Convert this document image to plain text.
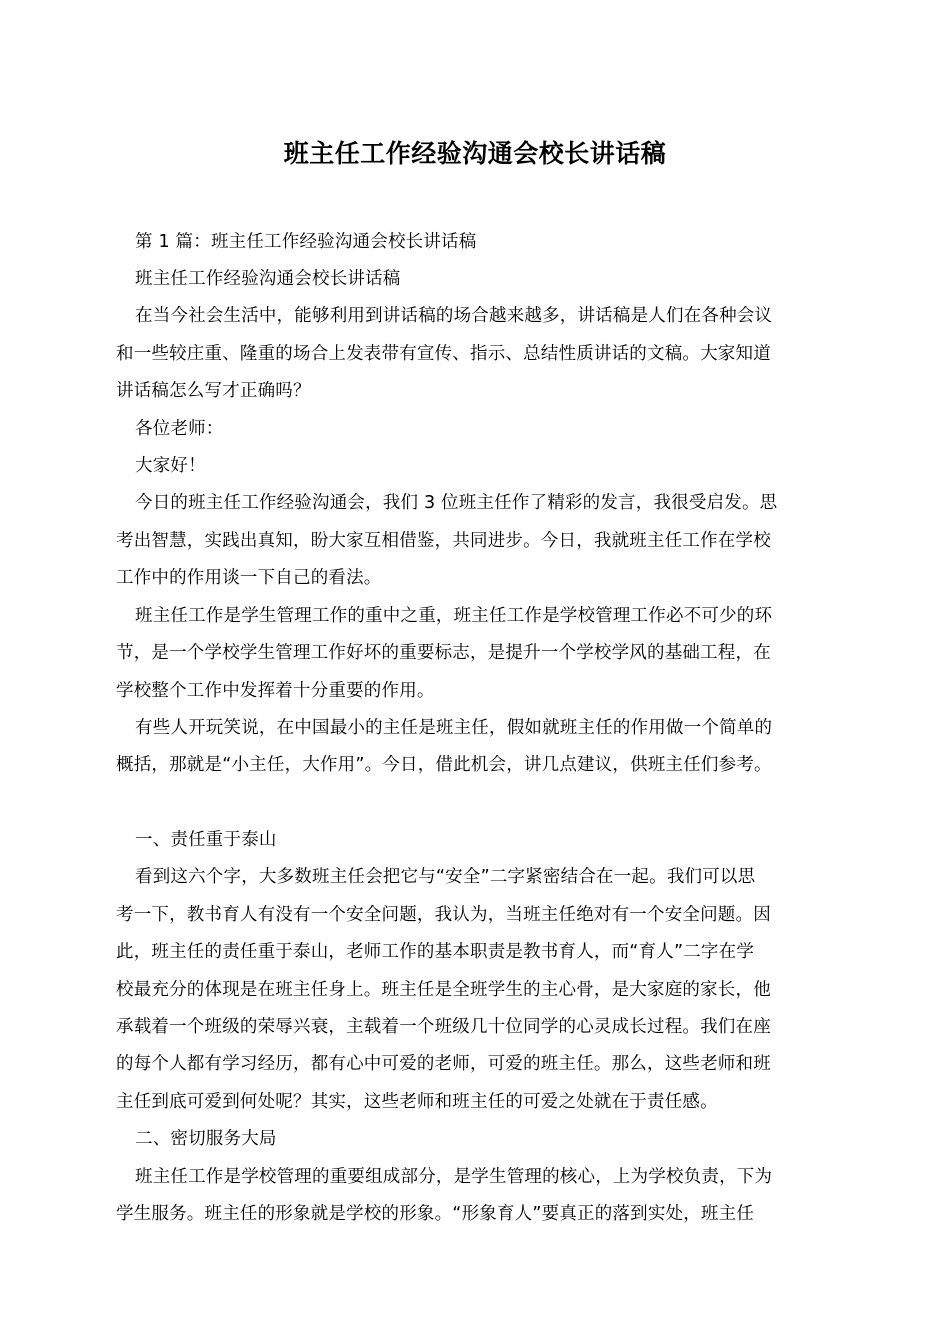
班主任工作经验沟通会校长讲话稿
第 1 篇：班主任工作经验沟通会校长讲话稿
班主任工作经验沟通会校长讲话稿
在当今社会生活中，能够利用到讲话稿的场合越来越多，讲话稿是人们在各种会议
和一些较庄重、隆重的场合上发表带有宣传、指示、总结性质讲话的文稿。大家知道
讲话稿怎么写才正确吗？
各位老师：
大家好！
今日的班主任工作经验沟通会，我们 3 位班主任作了精彩的发言，我很受启发。思
考出智慧，实践出真知，盼大家互相借鉴，共同进步。今日，我就班主任工作在学校
工作中的作用谈一下自己的看法。
班主任工作是学生管理工作的重中之重，班主任工作是学校管理工作必不可少的环
节，是一个学校学生管理工作好坏的重要标志，是提升一个学校学风的基础工程，在
学校整个工作中发挥着十分重要的作用。
有些人开玩笑说，在中国最小的主任是班主任，假如就班主任的作用做一个简单的
概括，那就是“小主任，大作用”。今日，借此机会，讲几点建议，供班主任们参考。
一、责任重于泰山
看到这六个字，大多数班主任会把它与“安全”二字紧密结合在一起。我们可以思
考一下，教书育人有没有一个安全问题，我认为，当班主任绝对有一个安全问题。因
此，班主任的责任重于泰山，老师工作的基本职责是教书育人，而“育人”二字在学
校最充分的体现是在班主任身上。班主任是全班学生的主心骨，是大家庭的家长，他
承载着一个班级的荣辱兴衰，主载着一个班级几十位同学的心灵成长过程。我们在座
的每个人都有学习经历，都有心中可爱的老师，可爱的班主任。那么，这些老师和班
主任到底可爱到何处呢？其实，这些老师和班主任的可爱之处就在于责任感。
二、密切服务大局
班主任工作是学校管理的重要组成部分，是学生管理的核心，上为学校负责，下为
学生服务。班主任的形象就是学校的形象。“形象育人”要真正的落到实处，班主任
